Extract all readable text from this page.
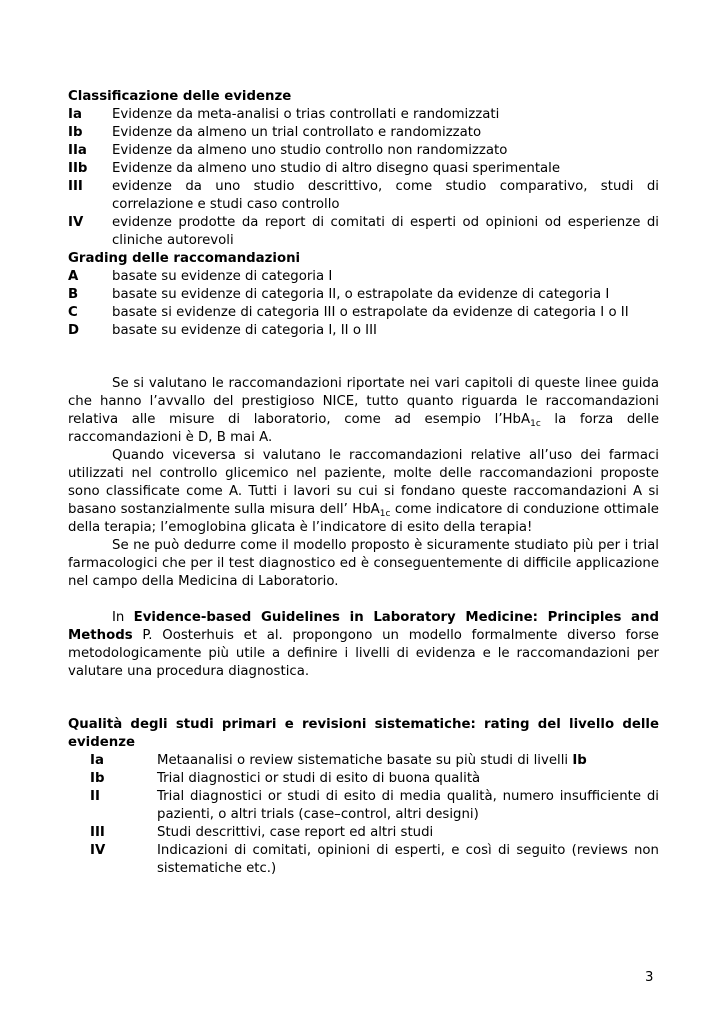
Classificazione delle evidenze
Ia	Evidenze da meta-analisi o trias controllati e randomizzati
Ib	Evidenze da almeno un trial controllato e randomizzato
IIa	Evidenze da almeno uno studio controllo non randomizzato
IIb	Evidenze da almeno uno studio di altro disegno quasi sperimentale
III	evidenze da uno studio descrittivo, come studio comparativo, studi di correlazione e studi caso controllo
IV	evidenze prodotte da report di comitati di esperti od opinioni od esperienze di cliniche autorevoli
Grading delle raccomandazioni
A	basate su evidenze di categoria I
B	basate su evidenze di categoria II, o estrapolate da evidenze di categoria I
C	basate si evidenze di categoria III o estrapolate da evidenze di categoria I o II
D	basate su evidenze di categoria I, II o III

Se si valutano le raccomandazioni riportate nei vari capitoli di queste linee guida che hanno l’avvallo del prestigioso NICE, tutto quanto riguarda le raccomandazioni relativa alle misure di laboratorio, come ad esempio l’HbA$_{1c}$ la forza delle raccomandazioni è D, B mai A.

Quando viceversa si valutano le raccomandazioni relative all’uso dei farmaci utilizzati nel controllo glicemico nel paziente, molte delle raccomandazioni proposte sono classificate come A. Tutti i lavori su cui si fondano queste raccomandazioni A si basano sostanzialmente sulla misura dell’ HbA$_{1c}$ come indicatore di conduzione ottimale della terapia; l’emoglobina glicata è l’indicatore di esito della terapia!

Se ne può dedurre come il modello proposto è sicuramente studiato più per i trial farmacologici che per il test diagnostico ed è conseguentemente di difficile applicazione nel campo della Medicina di Laboratorio.

In Evidence-based Guidelines in Laboratory Medicine: Principles and Methods P. Oosterhuis et al. propongono un modello formalmente diverso forse metodologicamente più utile a definire i livelli di evidenza e le raccomandazioni per valutare una procedura diagnostica.

Qualità degli studi primari e revisioni sistematiche: rating del livello delle evidenze
Ia	Metaanalisi o review sistematiche basate su più studi di livelli Ib
Ib	Trial diagnostici or studi di esito di buona qualità
II	Trial diagnostici or studi di esito di media qualità, numero insufficiente di pazienti, o altri trials (case–control, altri designi)
III	Studi descrittivi, case report ed altri studi
IV	Indicazioni di comitati, opinioni di esperti, e così di seguito (reviews non sistematiche etc.)
3
